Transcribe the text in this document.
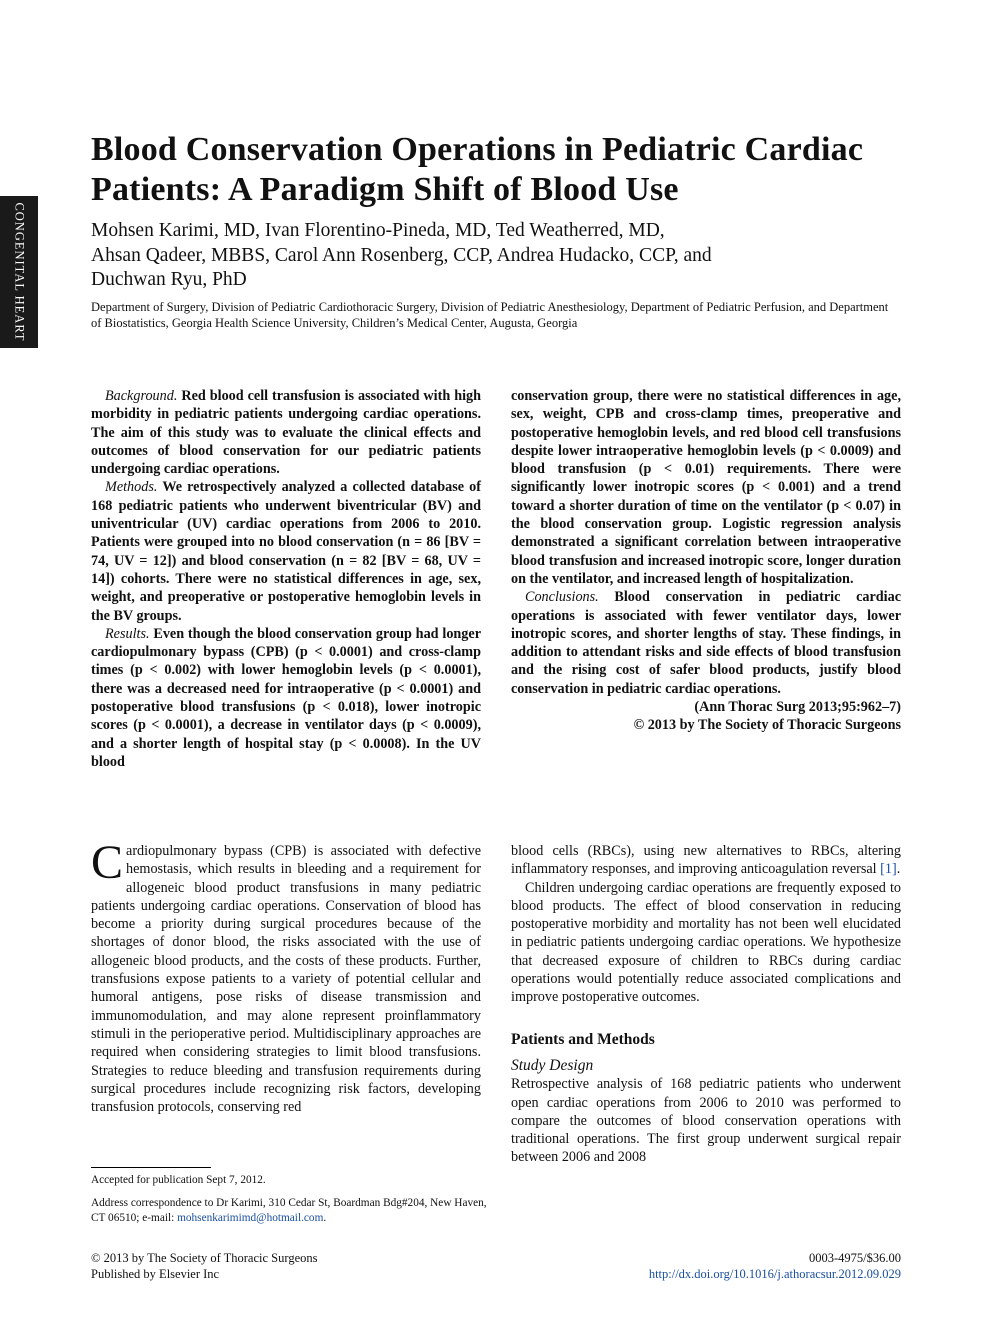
CONGENITAL HEART
Blood Conservation Operations in Pediatric Cardiac Patients: A Paradigm Shift of Blood Use
Mohsen Karimi, MD, Ivan Florentino-Pineda, MD, Ted Weatherred, MD,
Ahsan Qadeer, MBBS, Carol Ann Rosenberg, CCP, Andrea Hudacko, CCP, and
Duchwan Ryu, PhD
Department of Surgery, Division of Pediatric Cardiothoracic Surgery, Division of Pediatric Anesthesiology, Department of Pediatric Perfusion, and Department of Biostatistics, Georgia Health Science University, Children’s Medical Center, Augusta, Georgia

Background. Red blood cell transfusion is associated with high morbidity in pediatric patients undergoing cardiac operations. The aim of this study was to evaluate the clinical effects and outcomes of blood conservation for our pediatric patients undergoing cardiac operations.

Methods. We retrospectively analyzed a collected database of 168 pediatric patients who underwent biventricular (BV) and univentricular (UV) cardiac operations from 2006 to 2010. Patients were grouped into no blood conservation (n = 86 [BV = 74, UV = 12]) and blood conservation (n = 82 [BV = 68, UV = 14]) cohorts. There were no statistical differences in age, sex, weight, and preoperative or postoperative hemoglobin levels in the BV groups.

Results. Even though the blood conservation group had longer cardiopulmonary bypass (CPB) (p < 0.0001) and cross-clamp times (p < 0.002) with lower hemoglobin levels (p < 0.0001), there was a decreased need for intraoperative (p < 0.0001) and postoperative blood transfusions (p < 0.018), lower inotropic scores (p < 0.0001), a decrease in ventilator days (p < 0.0009), and a shorter length of hospital stay (p < 0.0008). In the UV blood

conservation group, there were no statistical differences in age, sex, weight, CPB and cross-clamp times, preoperative and postoperative hemoglobin levels, and red blood cell transfusions despite lower intraoperative hemoglobin levels (p < 0.0009) and blood transfusion (p < 0.01) requirements. There were significantly lower inotropic scores (p < 0.001) and a trend toward a shorter duration of time on the ventilator (p < 0.07) in the blood conservation group. Logistic regression analysis demonstrated a significant correlation between intraoperative blood transfusion and increased inotropic score, longer duration on the ventilator, and increased length of hospitalization.

Conclusions. Blood conservation in pediatric cardiac operations is associated with fewer ventilator days, lower inotropic scores, and shorter lengths of stay. These findings, in addition to attendant risks and side effects of blood transfusion and the rising cost of safer blood products, justify blood conservation in pediatric cardiac operations.

(Ann Thorac Surg 2013;95:962–7)

© 2013 by The Society of Thoracic Surgeons

Cardiopulmonary bypass (CPB) is associated with defective hemostasis, which results in bleeding and a requirement for allogeneic blood product transfusions in many pediatric patients undergoing cardiac operations. Conservation of blood has become a priority during surgical procedures because of the shortages of donor blood, the risks associated with the use of allogeneic blood products, and the costs of these products. Further, transfusions expose patients to a variety of potential cellular and humoral antigens, pose risks of disease transmission and immunomodulation, and may alone represent proinflammatory stimuli in the perioperative period. Multidisciplinary approaches are required when considering strategies to limit blood transfusions. Strategies to reduce bleeding and transfusion requirements during surgical procedures include recognizing risk factors, developing transfusion protocols, conserving red

blood cells (RBCs), using new alternatives to RBCs, altering inflammatory responses, and improving anticoagulation reversal [1].

Children undergoing cardiac operations are frequently exposed to blood products. The effect of blood conservation in reducing postoperative morbidity and mortality has not been well elucidated in pediatric patients undergoing cardiac operations. We hypothesize that decreased exposure of children to RBCs during cardiac operations would potentially reduce associated complications and improve postoperative outcomes.

Patients and Methods

Study Design

Retrospective analysis of 168 pediatric patients who underwent open cardiac operations from 2006 to 2010 was performed to compare the outcomes of blood conservation operations with traditional operations. The first group underwent surgical repair between 2006 and 2008

Accepted for publication Sept 7, 2012.
Address correspondence to Dr Karimi, 310 Cedar St, Boardman Bdg#204, New Haven, CT 06510; e-mail: mohsenkarimimd@hotmail.com.
© 2013 by The Society of Thoracic Surgeons
Published by Elsevier Inc
0003-4975/$36.00
http://dx.doi.org/10.1016/j.athoracsur.2012.09.029
